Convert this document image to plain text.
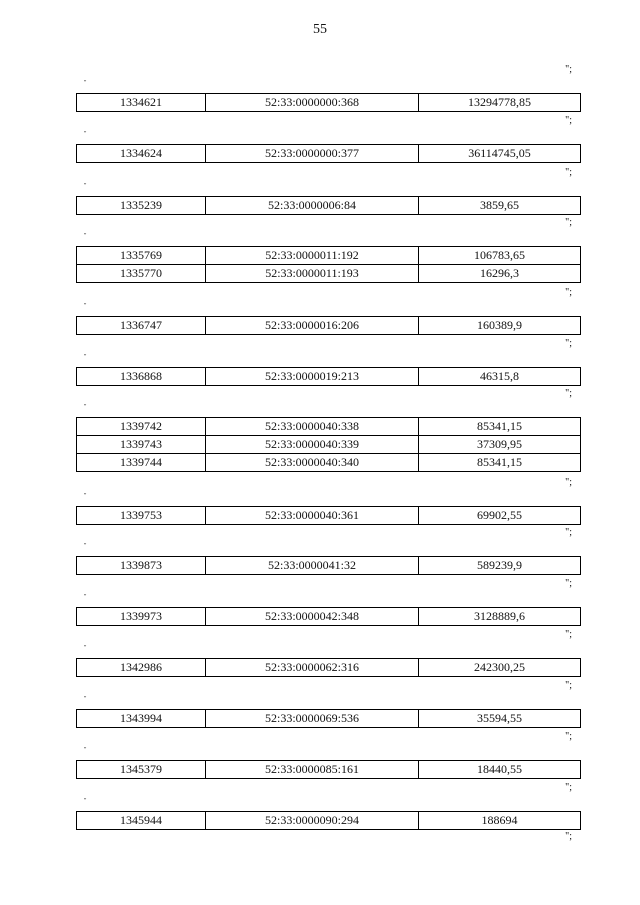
55
"
";
1334621	52:33:0000000:368	13294778,85
"
";
1334624	52:33:0000000:377	36114745,05
"
";
1335239	52:33:0000006:84	3859,65
"
";
1335769	52:33:0000011:192	106783,65
1335770	52:33:0000011:193	16296,3
"
";
1336747	52:33:0000016:206	160389,9
"
";
1336868	52:33:0000019:213	46315,8
"
";
1339742	52:33:0000040:338	85341,15
1339743	52:33:0000040:339	37309,95
1339744	52:33:0000040:340	85341,15
"
";
1339753	52:33:0000040:361	69902,55
"
";
1339873	52:33:0000041:32	589239,9
"
";
1339973	52:33:0000042:348	3128889,6
"
";
1342986	52:33:0000062:316	242300,25
"
";
1343994	52:33:0000069:536	35594,55
"
";
1345379	52:33:0000085:161	18440,55
"
";
1345944	52:33:0000090:294	188694
";
